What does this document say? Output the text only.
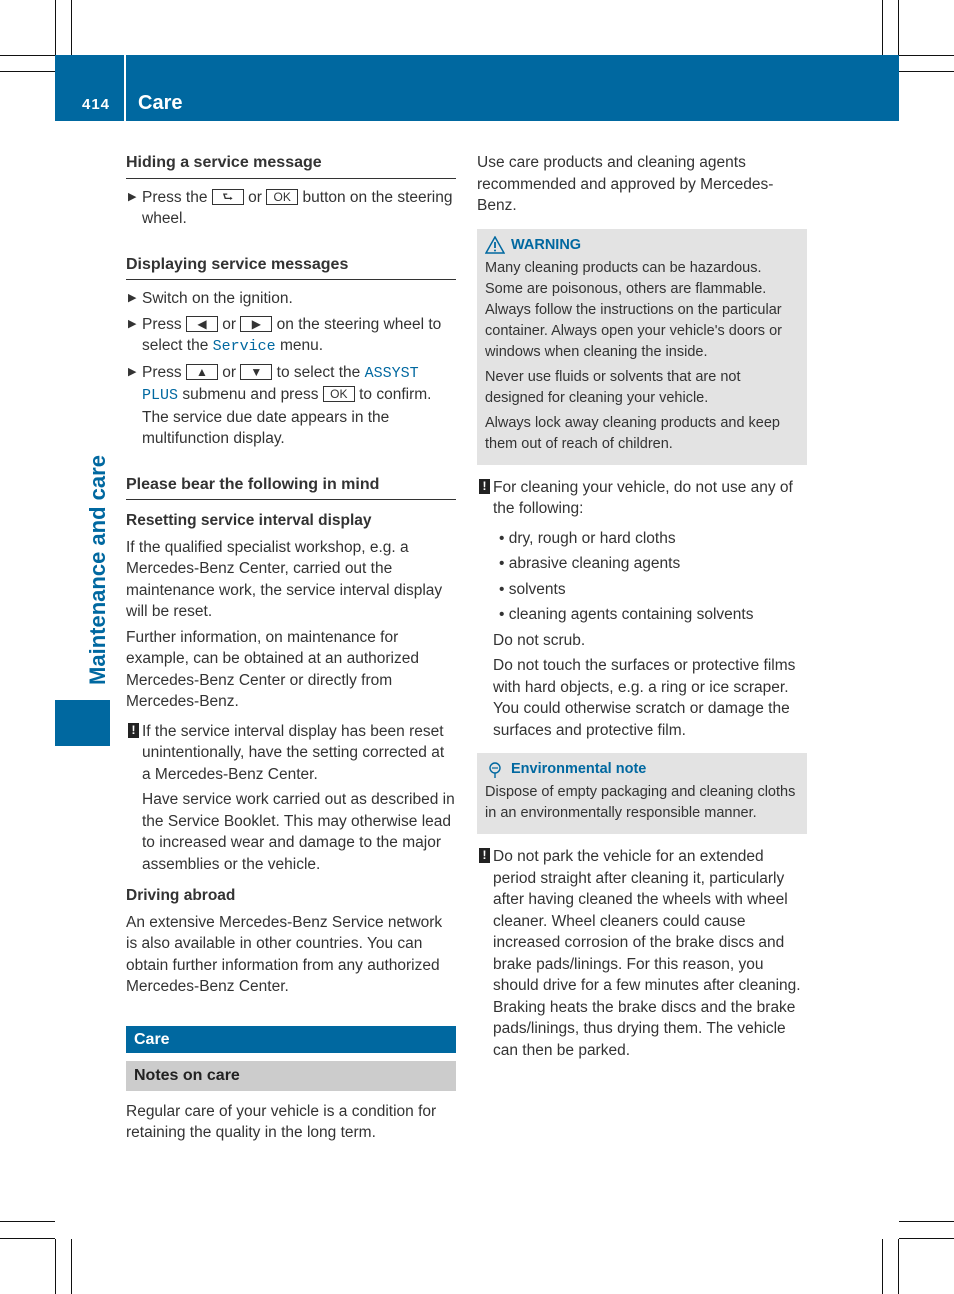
414 Care
Maintenance and care
Hiding a service message
▶ Press the ⮑ or OK button on the steering wheel.
Displaying service messages
▶ Switch on the ignition.
▶ Press ◀ or ▶ on the steering wheel to select the Service menu.
▶ Press ▲ or ▼ to select the ASSYST PLUS submenu and press OK to confirm. The service due date appears in the multifunction display.
Please bear the following in mind
Resetting service interval display
If the qualified specialist workshop, e.g. a Mercedes-Benz Center, carried out the maintenance work, the service interval display will be reset.
Further information, on maintenance for example, can be obtained at an authorized Mercedes-Benz Center or directly from Mercedes-Benz.
! If the service interval display has been reset unintentionally, have the setting corrected at a Mercedes-Benz Center.
Have service work carried out as described in the Service Booklet. This may otherwise lead to increased wear and damage to the major assemblies or the vehicle.
Driving abroad
An extensive Mercedes-Benz Service network is also available in other countries. You can obtain further information from any authorized Mercedes-Benz Center.
Care
Notes on care
Regular care of your vehicle is a condition for retaining the quality in the long term.
Use care products and cleaning agents recommended and approved by Mercedes-Benz.
WARNING
Many cleaning products can be hazardous. Some are poisonous, others are flammable. Always follow the instructions on the particular container. Always open your vehicle's doors or windows when cleaning the inside.
Never use fluids or solvents that are not designed for cleaning your vehicle.
Always lock away cleaning products and keep them out of reach of children.
! For cleaning your vehicle, do not use any of the following:
• dry, rough or hard cloths
• abrasive cleaning agents
• solvents
• cleaning agents containing solvents
Do not scrub.
Do not touch the surfaces or protective films with hard objects, e.g. a ring or ice scraper. You could otherwise scratch or damage the surfaces and protective film.
Environmental note
Dispose of empty packaging and cleaning cloths in an environmentally responsible manner.
! Do not park the vehicle for an extended period straight after cleaning it, particularly after having cleaned the wheels with wheel cleaner. Wheel cleaners could cause increased corrosion of the brake discs and brake pads/linings. For this reason, you should drive for a few minutes after cleaning. Braking heats the brake discs and the brake pads/linings, thus drying them. The vehicle can then be parked.
